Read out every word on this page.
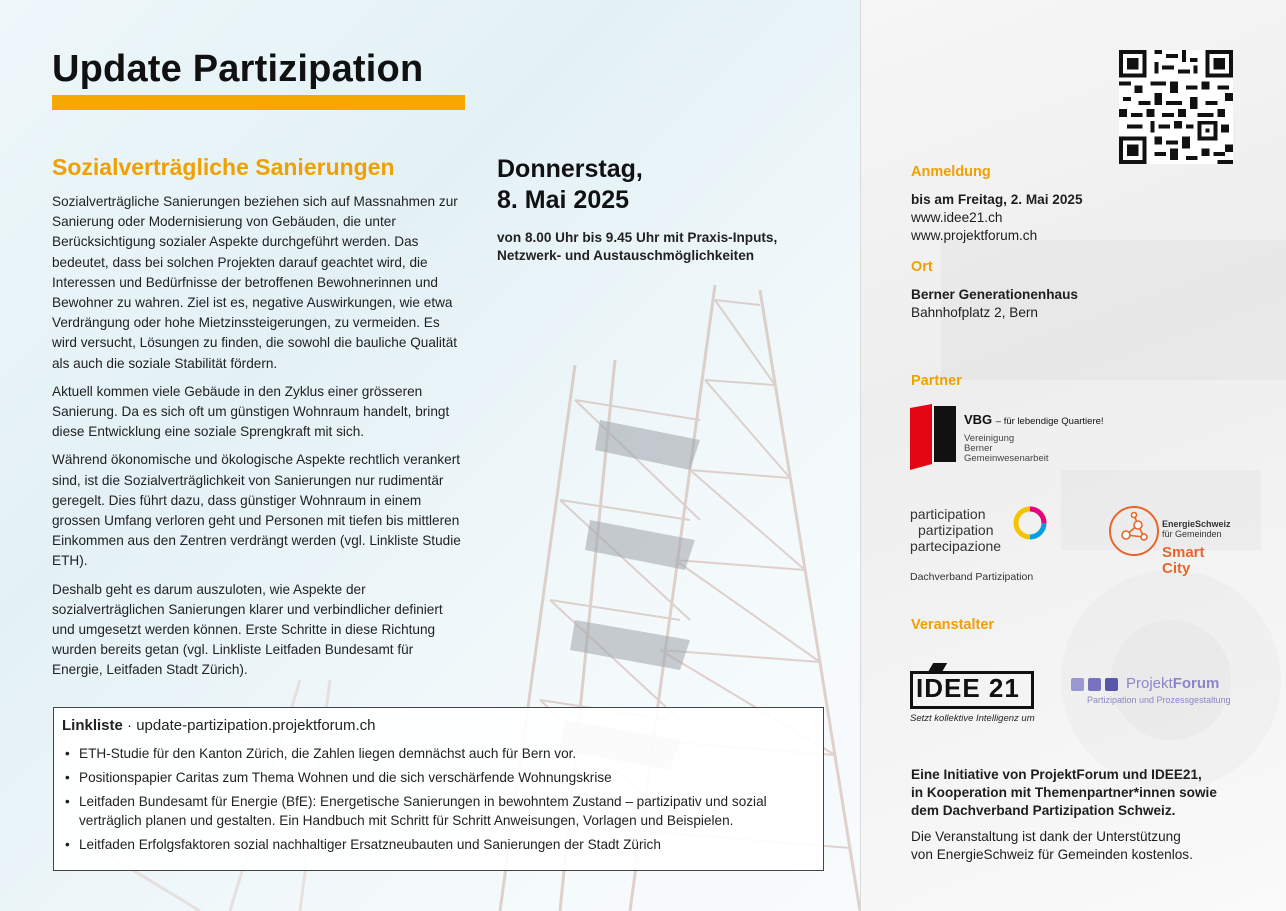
Update Partizipation
Sozialverträgliche Sanierungen

Sozialverträgliche Sanierungen beziehen sich auf Massnahmen zur Sanierung oder Modernisierung von Gebäuden, die unter Berücksichtigung sozialer Aspekte durchgeführt werden. Das bedeutet, dass bei solchen Projekten darauf geachtet wird, die Interessen und Bedürfnisse der betroffenen Bewohnerinnen und Bewohner zu wahren. Ziel ist es, negative Auswirkungen, wie etwa Verdrängung oder hohe Mietzinssteigerungen, zu vermeiden. Es wird versucht, Lösungen zu finden, die sowohl die bauliche Qualität als auch die soziale Stabilität fördern.

Aktuell kommen viele Gebäude in den Zyklus einer grösseren Sanierung. Da es sich oft um günstigen Wohnraum handelt, bringt diese Entwicklung eine soziale Sprengkraft mit sich.

Während ökonomische und ökologische Aspekte rechtlich verankert sind, ist die Sozialverträglichkeit von Sanierungen nur rudimentär geregelt. Dies führt dazu, dass günstiger Wohnraum in einem grossen Umfang verloren geht und Personen mit tiefen bis mittleren Einkommen aus den Zentren verdrängt werden (vgl. Linkliste Studie ETH).

Deshalb geht es darum auszuloten, wie Aspekte der sozialverträglichen Sanierungen klarer und verbindlicher definiert und umgesetzt werden können. Erste Schritte in diese Richtung wurden bereits getan (vgl. Linkliste Leitfaden Bundesamt für Energie, Leitfaden Stadt Zürich).

Donnerstag,
8. Mai 2025
von 8.00 Uhr bis 9.45 Uhr mit Praxis-Inputs,
Netzwerk- und Austauschmöglichkeiten
Linkliste · update-partizipation.projektforum.ch
• ETH-Studie für den Kanton Zürich, die Zahlen liegen demnächst auch für Bern vor.
• Positionspapier Caritas zum Thema Wohnen und die sich verschärfende Wohnungskrise
• Leitfaden Bundesamt für Energie (BfE): Energetische Sanierungen in bewohntem Zustand – partizipativ und sozial verträglich planen und gestalten. Ein Handbuch mit Schritt für Schritt Anweisungen, Vorlagen und Beispielen.
• Leitfaden Erfolgsfaktoren sozial nachhaltiger Ersatzneubauten und Sanierungen der Stadt Zürich
Anmeldung
bis am Freitag, 2. Mai 2025
www.idee21.ch
www.projektforum.ch
Ort
Berner Generationenhaus
Bahnhofplatz 2, Bern
Partner
VBG – für lebendige Quartiere!
Vereinigung
Berner
Gemeinwesenarbeit
participation
partizipation
partecipazione
Dachverband Partizipation
EnergieSchweiz
für Gemeinden
Smart
City
Veranstalter
IDEE 21
Setzt kollektive Intelligenz um
ProjektForum
Partizipation und Prozessgestaltung

Eine Initiative von ProjektForum und IDEE21,
in Kooperation mit Themenpartner*innen sowie
dem Dachverband Partizipation Schweiz.

Die Veranstaltung ist dank der Unterstützung
von EnergieSchweiz für Gemeinden kostenlos.
